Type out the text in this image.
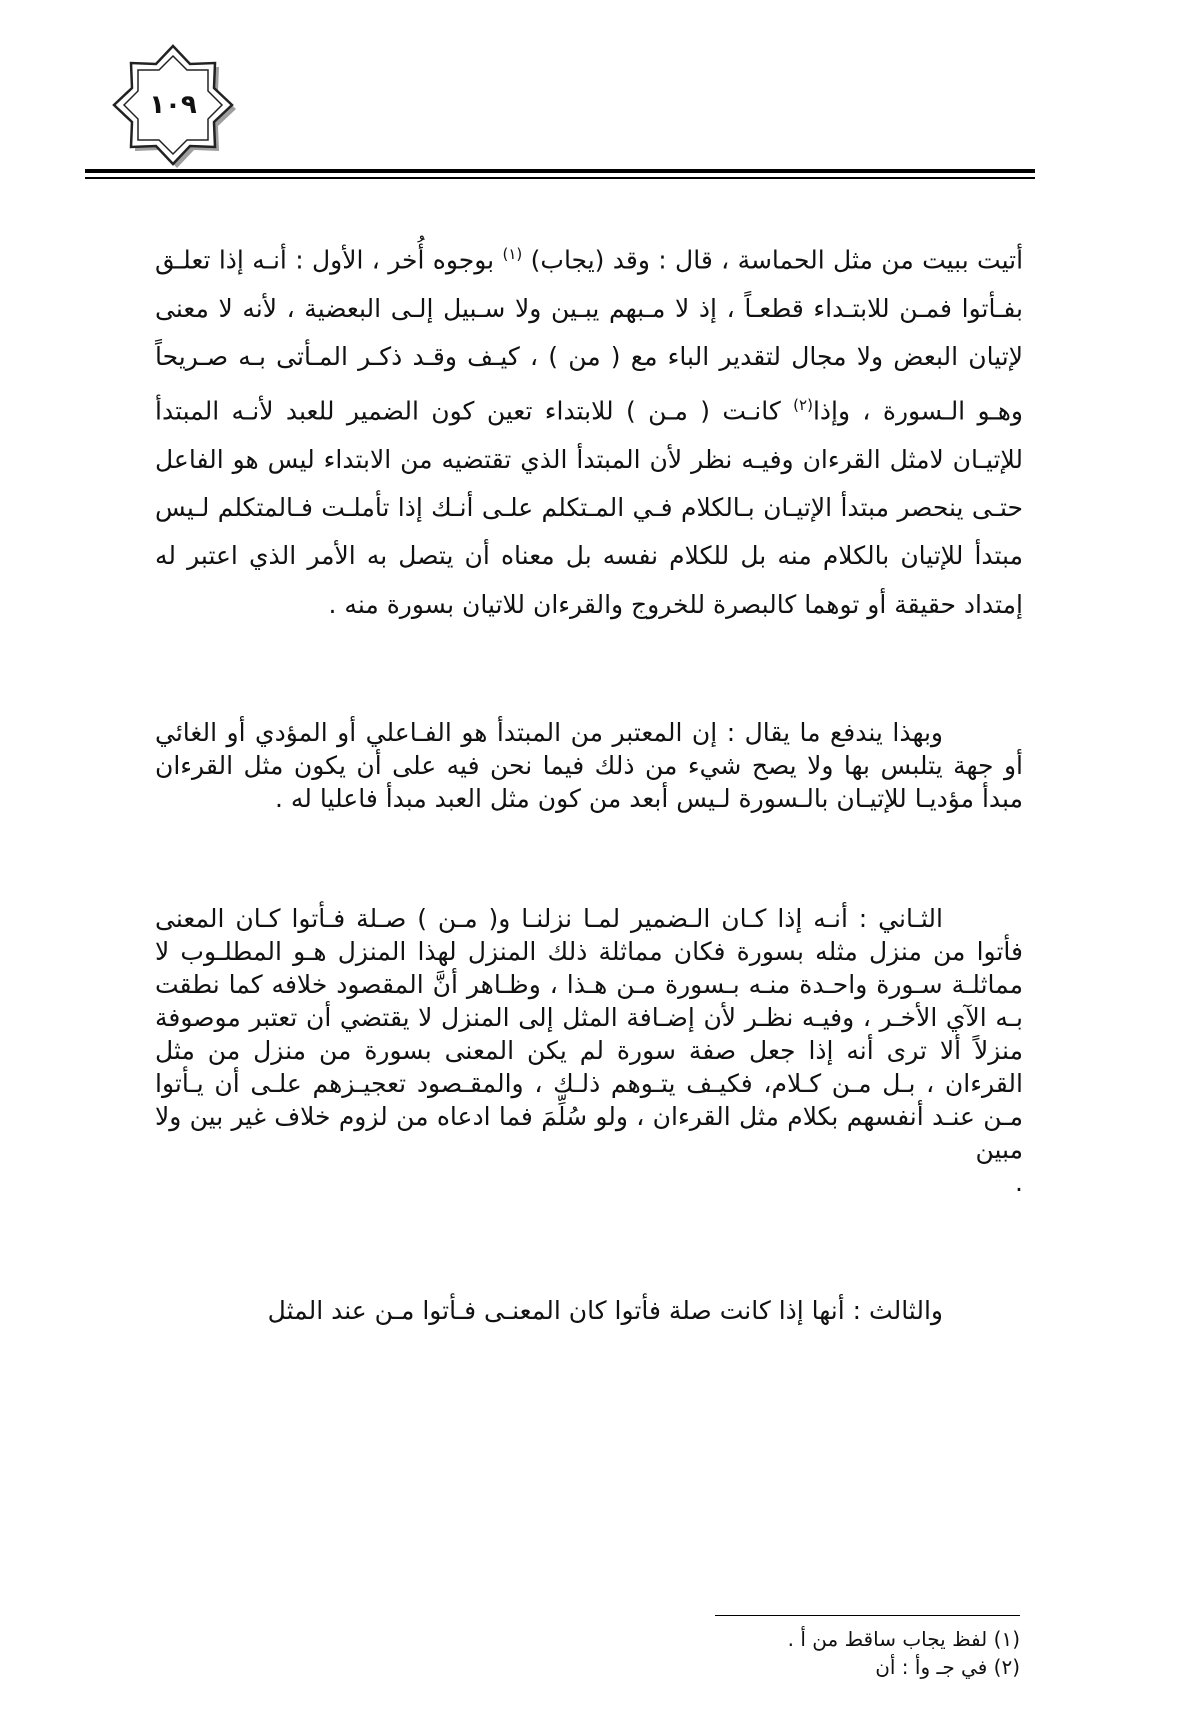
١٠٩

أتيت ببيت من مثل الحماسة ، قال : وقد (يجاب) $^{(١)}$ بوجوه أُخر ، الأول : أنـه إذا تعلـق بفـأتوا فمـن للابتـداء قطعـاً ، إذ لا مـبهم يبـين ولا سـبيل إلـى البعضية ، لأنه لا معنى لإتيان البعض ولا مجال لتقدير الباء مع ( من ) ، كيـف وقـد ذكـر المـأتى بـه صـريحاً وهـو الـسورة ، وإذا$^{(٢)}$ كانـت ( مـن ) للابتداء تعين كون الضمير للعبد لأنـه المبتدأ للإتيـان لامثل القرءان وفيـه نظر لأن المبتدأ الذي تقتضيه من الابتداء ليس هو الفاعل حتـى ينحصر مبتدأ الإتيـان بـالكلام فـي المـتكلم علـى أنـك إذا تأملـت فـالمتكلم لـيس مبتدأ للإتيان بالكلام منه بل للكلام نفسه بل معناه أن يتصل به الأمر الذي اعتبر له إمتداد حقيقة أو توهما كالبصرة للخروج والقرءان للاتيان بسورة منه .

وبهذا يندفع ما يقال : إن المعتبر من المبتدأ هو الفـاعلي أو المؤدي أو الغائي أو جهة يتلبس بها ولا يصح شيء من ذلك فيما نحن فيه على أن يكون مثل القرءان مبدأ مؤديـا للإتيـان بالـسورة لـيس أبعد من كون مثل العبد مبدأ فاعليا له .

الثـاني : أنـه إذا كـان الـضمير لمـا نزلنـا و( مـن ) صـلة فـأتوا كـان المعنى فأتوا من منزل مثله بسورة فكان مماثلة ذلك المنزل لهذا المنزل هـو المطلـوب لا مماثلـة سـورة واحـدة منـه بـسورة مـن هـذا ، وظـاهر أنَّ المقصود خلافه كما نطقت بـه الآي الأخـر ، وفيـه نظـر لأن إضـافة المثل إلى المنزل لا يقتضي أن تعتبر موصوفة منزلاً ألا ترى أنه إذا جعل صفة سورة لم يكن المعنى بسورة من منزل من مثل القرءان ، بـل مـن كـلام، فكيـف يتـوهم ذلـك ، والمقـصود تعجيـزهم علـى أن يـأتوا مـن عنـد أنفسهم بكلام مثل القرءان ، ولو سُلِّمَ فما ادعاه من لزوم خلاف غير بين ولا مبين

.

والثالث : أنها إذا كانت صلة فأتوا كان المعنـى فـأتوا مـن عند المثل

(١) لفظ يجاب ساقط من أ .

(٢) في جـ وأ : أن
